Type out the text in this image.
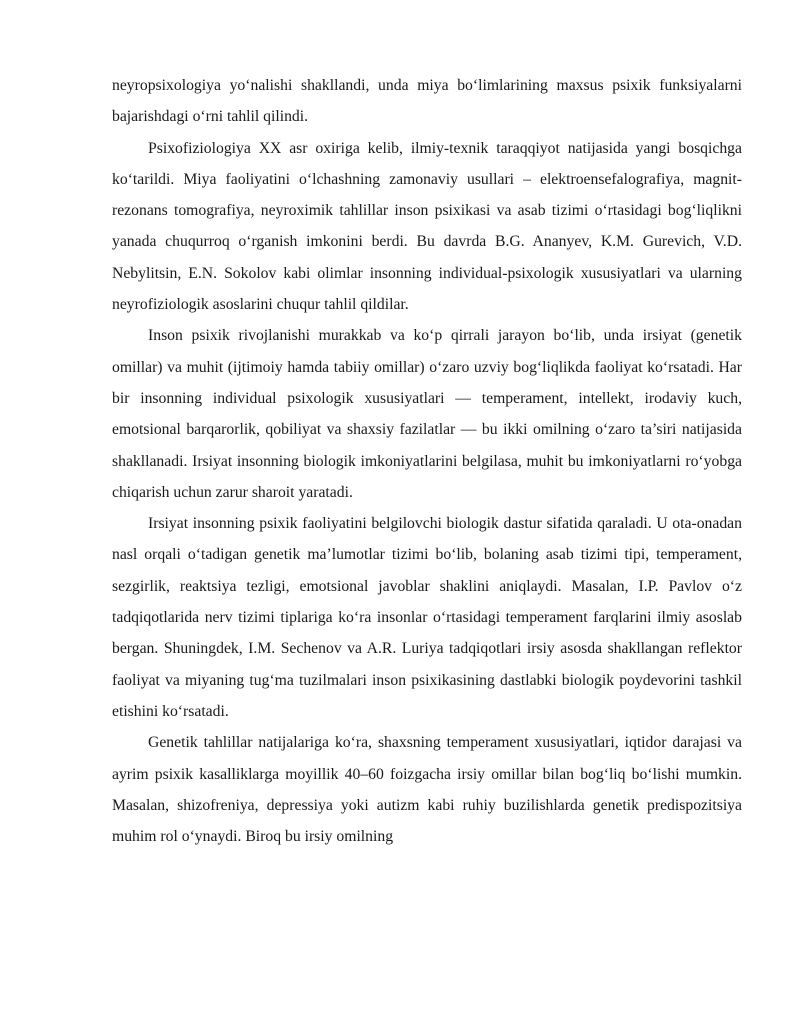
neyropsixologiya yo‘nalishi shakllandi, unda miya bo‘limlarining maxsus psixik funksiyalarni bajarishdagi o‘rni tahlil qilindi.

Psixofiziologiya XX asr oxiriga kelib, ilmiy-texnik taraqqiyot natijasida yangi bosqichga ko‘tarildi. Miya faoliyatini o‘lchashning zamonaviy usullari – elektroensefalografiya, magnit-rezonans tomografiya, neyroximik tahlillar inson psixikasi va asab tizimi o‘rtasidagi bog‘liqlikni yanada chuqurroq o‘rganish imkonini berdi. Bu davrda B.G. Ananyev, K.M. Gurevich, V.D. Nebylitsin, E.N. Sokolov kabi olimlar insonning individual-psixologik xususiyatlari va ularning neyrofiziologik asoslarini chuqur tahlil qildilar.

Inson psixik rivojlanishi murakkab va ko‘p qirrali jarayon bo‘lib, unda irsiyat (genetik omillar) va muhit (ijtimoiy hamda tabiiy omillar) o‘zaro uzviy bog‘liqlikda faoliyat ko‘rsatadi. Har bir insonning individual psixologik xususiyatlari — temperament, intellekt, irodaviy kuch, emotsional barqarorlik, qobiliyat va shaxsiy fazilatlar — bu ikki omilning o‘zaro ta’siri natijasida shakllanadi. Irsiyat insonning biologik imkoniyatlarini belgilasa, muhit bu imkoniyatlarni ro‘yobga chiqarish uchun zarur sharoit yaratadi.

Irsiyat insonning psixik faoliyatini belgilovchi biologik dastur sifatida qaraladi. U ota-onadan nasl orqali o‘tadigan genetik ma’lumotlar tizimi bo‘lib, bolaning asab tizimi tipi, temperament, sezgirlik, reaktsiya tezligi, emotsional javoblar shaklini aniqlaydi. Masalan, I.P. Pavlov o‘z tadqiqotlarida nerv tizimi tiplariga ko‘ra insonlar o‘rtasidagi temperament farqlarini ilmiy asoslab bergan. Shuningdek, I.M. Sechenov va A.R. Luriya tadqiqotlari irsiy asosda shakllangan reflektor faoliyat va miyaning tug‘ma tuzilmalari inson psixikasining dastlabki biologik poydevorini tashkil etishini ko‘rsatadi.

Genetik tahlillar natijalariga ko‘ra, shaxsning temperament xususiyatlari, iqtidor darajasi va ayrim psixik kasalliklarga moyillik 40–60 foizgacha irsiy omillar bilan bog‘liq bo‘lishi mumkin. Masalan, shizofreniya, depressiya yoki autizm kabi ruhiy buzilishlarda genetik predispozitsiya muhim rol o‘ynaydi. Biroq bu irsiy omilning
